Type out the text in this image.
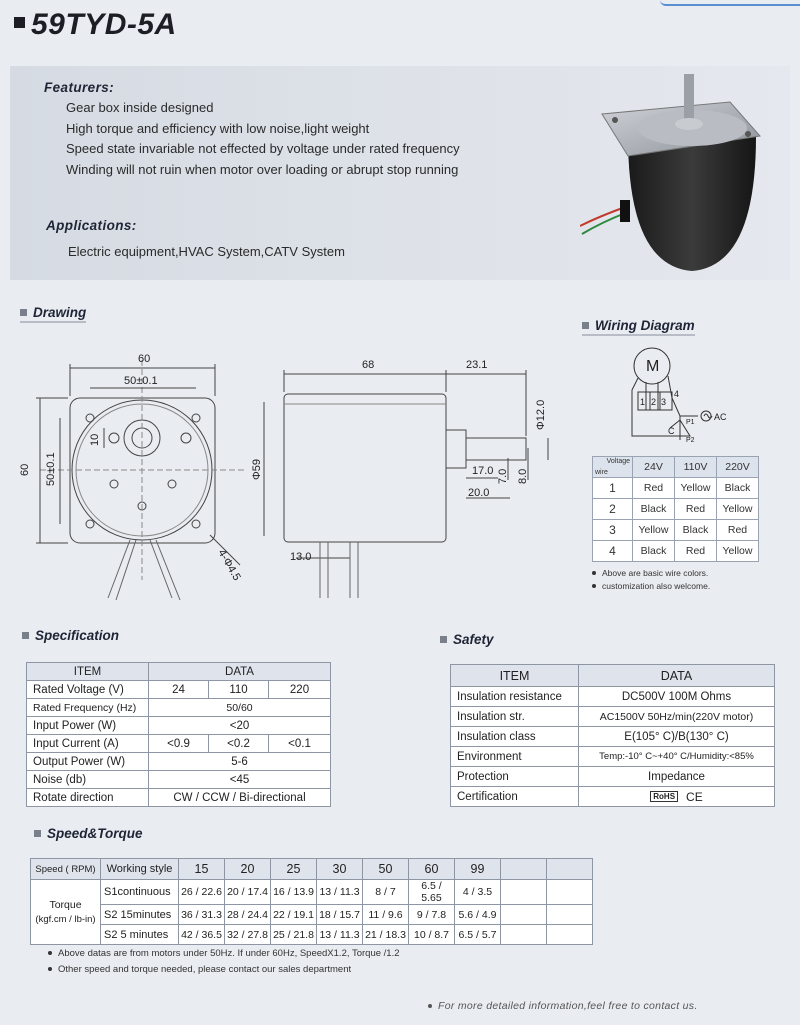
59TYD-5A
Featurers:
Gear box inside designed
High torque and efficiency with low noise,light weight
Speed state invariable not effected by voltage under rated frequency
Winding will not ruin when motor over loading or abrupt stop running
Applications:
Electric equipment,HVAC System,CATV System
Drawing
60
50±0.1
60 50±0.1
10
4-Φ4.5
68	23.1
Φ59
Φ12.0
17.0
20.0
7.0 8.0
13.0
Wiring Diagram
M
1 2 3
4
AC
C
P1
P2
Voltage
wire	24V	110V	220V
1	Red	Yellow	Black
2	Black	Red	Yellow
3	Yellow	Black	Red
4	Black	Red	Yellow
Above are basic wire colors.
customization also welcome.
Specification
ITEM	DATA		
Rated Voltage (V)	24	110	220
Rated Frequency (Hz)	50/60		
Input Power (W)	<20		
Input Current (A)	<0.9	<0.2	<0.1
Output Power (W)	5-6		
Noise (db)	<45		
Rotate direction	CW / CCW / Bi-directional		
Safety
ITEM	DATA
Insulation resistance	DC500V 100M Ohms
Insulation str.	AC1500V 50Hz/min(220V motor)
Insulation class	E(105° C)/B(130° C)
Environment	Temp:-10° C~+40° C/Humidity:<85%
Protection	Impedance
Certification	RoHS CE
Speed&Torque
Speed ( RPM)	Working style	15	20	25	30	50	60	99		
Torque
(kgf.cm / lb-in)	S1continuous	26 / 22.6	20 / 17.4	16 / 13.9	13 / 11.3	8 / 7	6.5 / 5.65	4 / 3.5		
	S2 15minutes	36 / 31.3	28 / 24.4	22 / 19.1	18 / 15.7	11 / 9.6	9 / 7.8	5.6 / 4.9		
	S2 5 minutes	42 / 36.5	32 / 27.8	25 / 21.8	13 / 11.3	21 / 18.3	10 / 8.7	6.5 / 5.7		
Above datas are from motors under 50Hz. If under 60Hz, SpeedX1.2, Torque /1.2
Other speed and torque needed, please contact our sales department
For more detailed information,feel free to contact us.
